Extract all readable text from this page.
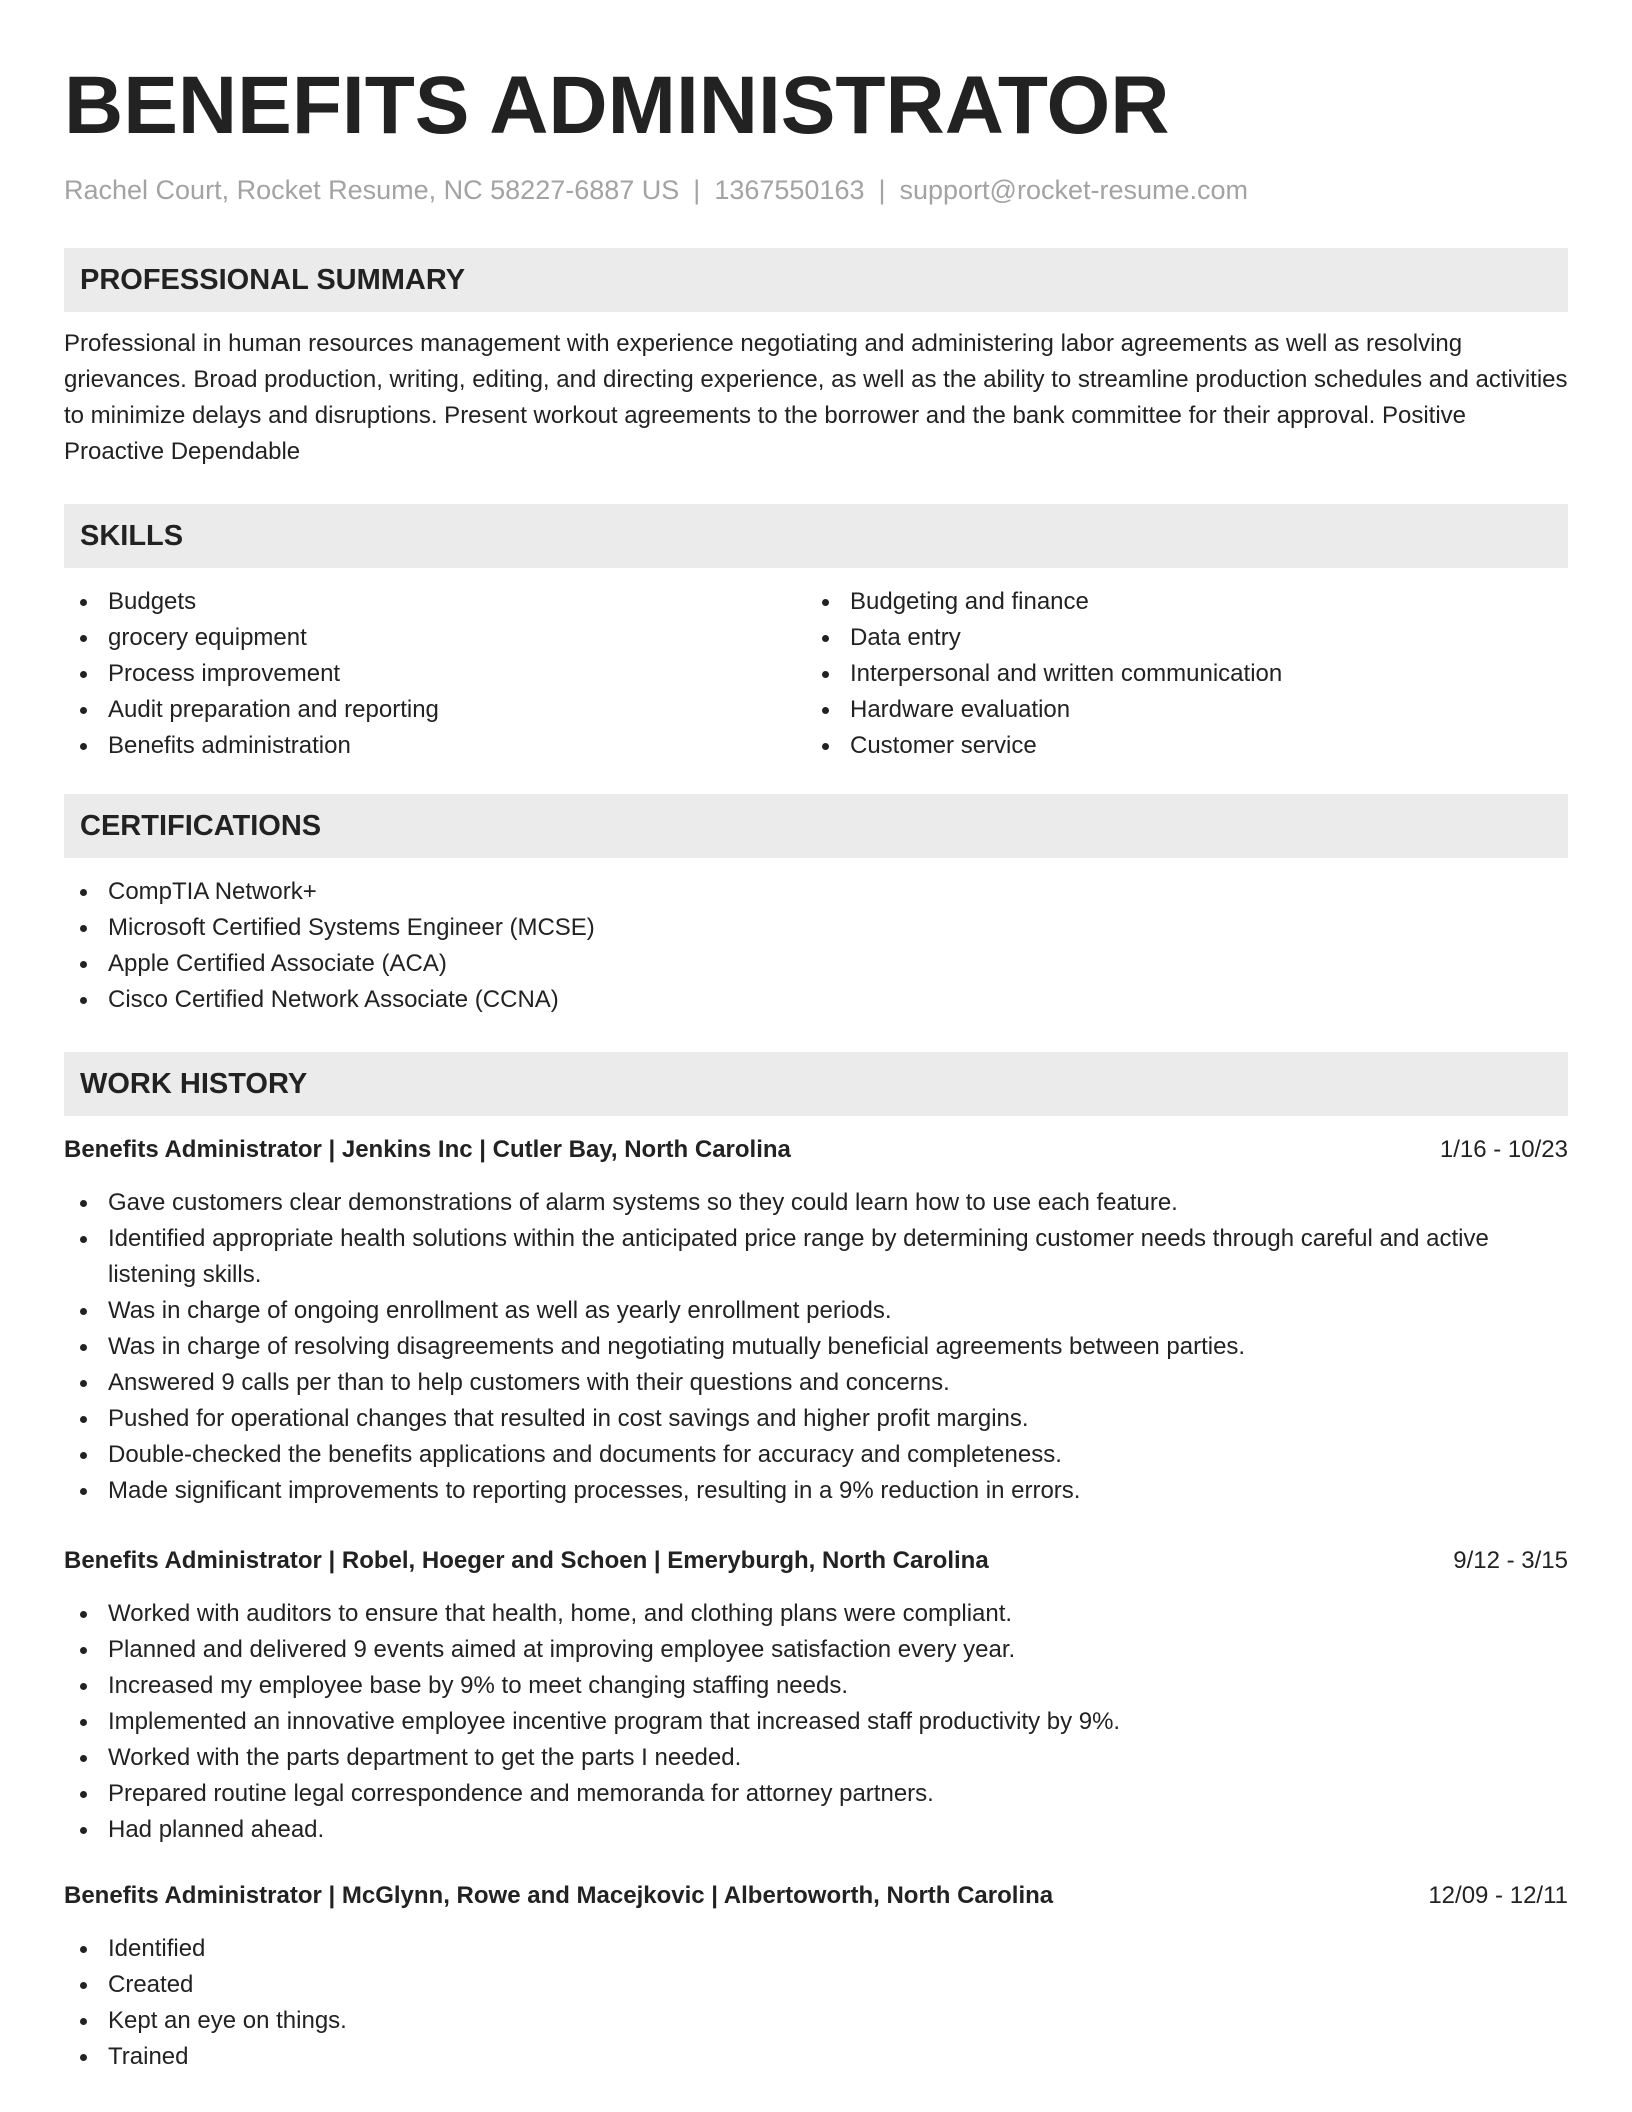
BENEFITS ADMINISTRATOR
Rachel Court, Rocket Resume, NC 58227-6887 US | 1367550163 | support@rocket-resume.com
PROFESSIONAL SUMMARY

Professional in human resources management with experience negotiating and administering labor agreements as well as resolving grievances. Broad production, writing, editing, and directing experience, as well as the ability to streamline production schedules and activities to minimize delays and disruptions. Present workout agreements to the borrower and the bank committee for their approval. Positive Proactive Dependable

SKILLS
Budgets
grocery equipment
Process improvement
Audit preparation and reporting
Benefits administration
Budgeting and finance
Data entry
Interpersonal and written communication
Hardware evaluation
Customer service
CERTIFICATIONS
CompTIA Network+
Microsoft Certified Systems Engineer (MCSE)
Apple Certified Associate (ACA)
Cisco Certified Network Associate (CCNA)
WORK HISTORY
Benefits Administrator | Jenkins Inc | Cutler Bay, North Carolina	1/16 - 10/23
Gave customers clear demonstrations of alarm systems so they could learn how to use each feature.
Identified appropriate health solutions within the anticipated price range by determining customer needs through careful and active listening skills.
Was in charge of ongoing enrollment as well as yearly enrollment periods.
Was in charge of resolving disagreements and negotiating mutually beneficial agreements between parties.
Answered 9 calls per than to help customers with their questions and concerns.
Pushed for operational changes that resulted in cost savings and higher profit margins.
Double-checked the benefits applications and documents for accuracy and completeness.
Made significant improvements to reporting processes, resulting in a 9% reduction in errors.
Benefits Administrator | Robel, Hoeger and Schoen | Emeryburgh, North Carolina	9/12 - 3/15
Worked with auditors to ensure that health, home, and clothing plans were compliant.
Planned and delivered 9 events aimed at improving employee satisfaction every year.
Increased my employee base by 9% to meet changing staffing needs.
Implemented an innovative employee incentive program that increased staff productivity by 9%.
Worked with the parts department to get the parts I needed.
Prepared routine legal correspondence and memoranda for attorney partners.
Had planned ahead.
Benefits Administrator | McGlynn, Rowe and Macejkovic | Albertoworth, North Carolina	12/09 - 12/11
Identified
Created
Kept an eye on things.
Trained
